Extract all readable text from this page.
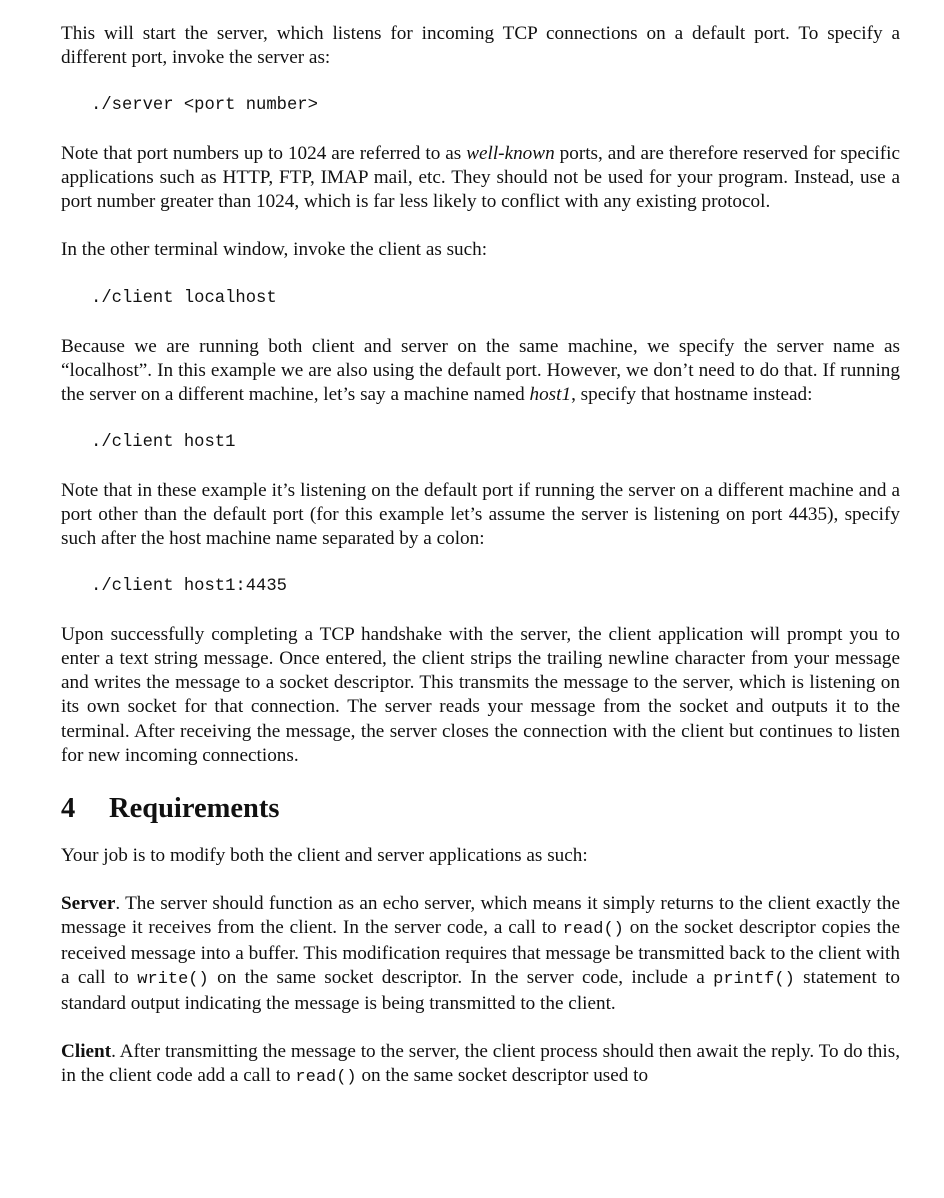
This will start the server, which listens for incoming TCP connections on a default port. To specify a different port, invoke the server as:

./server <port number>

Note that port numbers up to 1024 are referred to as well-known ports, and are therefore reserved for specific applications such as HTTP, FTP, IMAP mail, etc. They should not be used for your program. Instead, use a port number greater than 1024, which is far less likely to conflict with any existing protocol.

In the other terminal window, invoke the client as such:

./client localhost

Because we are running both client and server on the same machine, we specify the server name as “localhost”. In this example we are also using the default port. However, we don’t need to do that. If running the server on a different machine, let’s say a machine named host1, specify that hostname instead:

./client host1

Note that in these example it’s listening on the default port if running the server on a different machine and a port other than the default port (for this example let’s assume the server is listening on port 4435), specify such after the host machine name separated by a colon:

./client host1:4435

Upon successfully completing a TCP handshake with the server, the client application will prompt you to enter a text string message. Once entered, the client strips the trailing newline character from your message and writes the message to a socket descriptor. This transmits the message to the server, which is listening on its own socket for that connection. The server reads your message from the socket and outputs it to the terminal. After receiving the message, the server closes the connection with the client but continues to listen for new incoming connections.

4 Requirements

Your job is to modify both the client and server applications as such:

Server. The server should function as an echo server, which means it simply returns to the client exactly the message it receives from the client. In the server code, a call to read() on the socket descriptor copies the received message into a buffer. This modification requires that message be transmitted back to the client with a call to write() on the same socket descriptor. In the server code, include a printf() statement to standard output indicating the message is being transmitted to the client.

Client. After transmitting the message to the server, the client process should then await the reply. To do this, in the client code add a call to read() on the same socket descriptor used to
